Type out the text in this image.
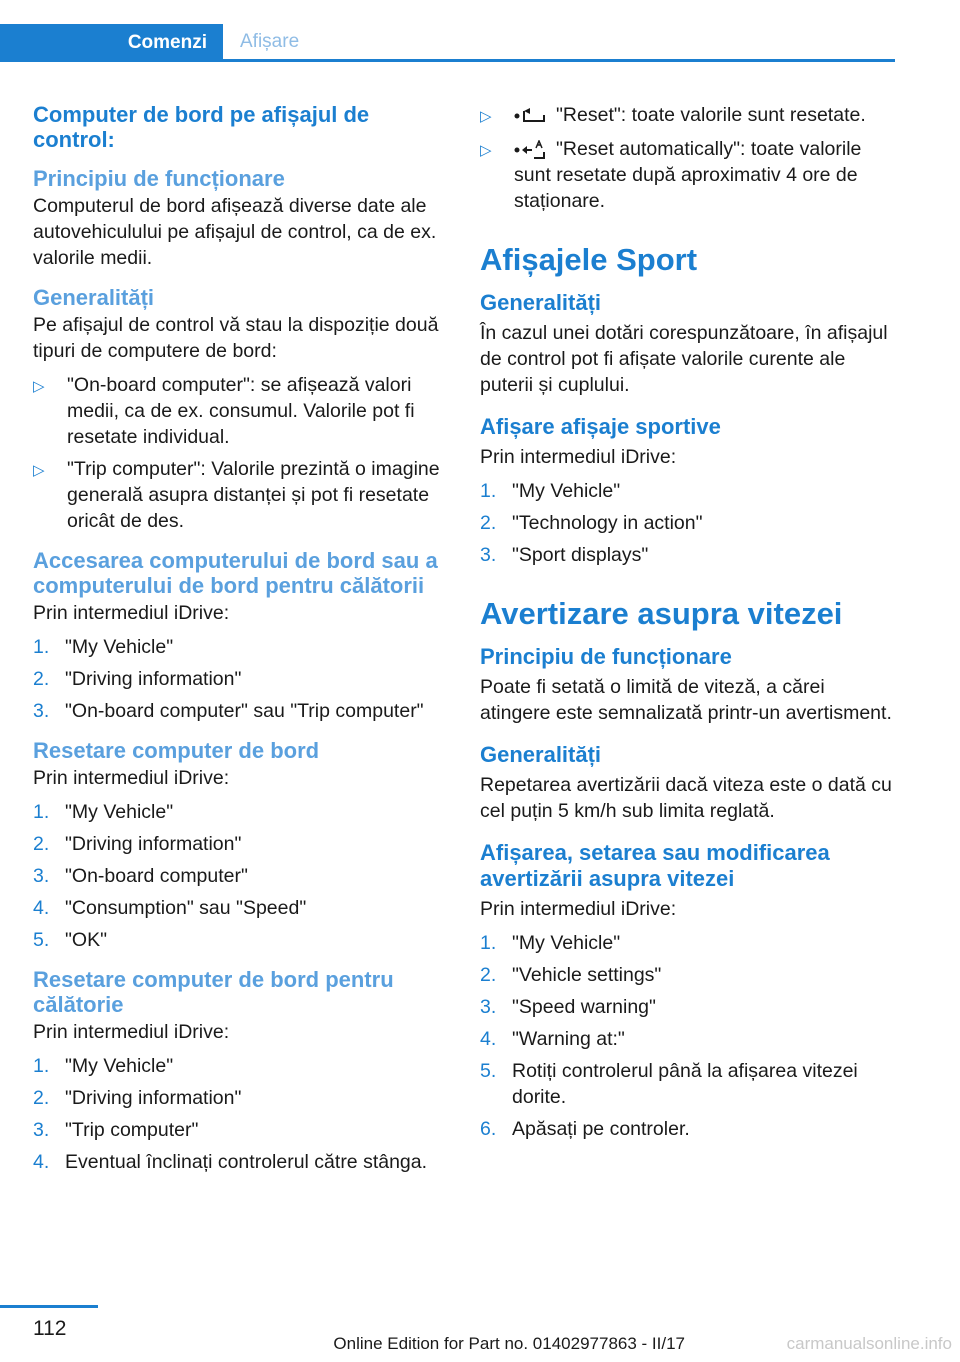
Comenzi	Afișare
Computer de bord pe afișajul de control:
Principiu de funcționare
Computerul de bord afișează diverse date ale autovehiculului pe afișajul de control, ca de ex. valorile medii.
Generalități
Pe afișajul de control vă stau la dispoziție două tipuri de computere de bord:
▷	"On-board computer": se afișează valori medii, ca de ex. consumul. Valorile pot fi resetate individual.
▷	"Trip computer": Valorile prezintă o imagine generală asupra distanței și pot fi resetate oricât de des.
Accesarea computerului de bord sau a computerului de bord pentru călătorii
Prin intermediul iDrive:
1. "My Vehicle"
2. "Driving information"
3. "On-board computer" sau "Trip computer"
Resetare computer de bord
Prin intermediul iDrive:
1. "My Vehicle"
2. "Driving information"
3. "On-board computer"
4. "Consumption" sau "Speed"
5. "OK"
Resetare computer de bord pentru călătorie
Prin intermediul iDrive:
1. "My Vehicle"
2. "Driving information"
3. "Trip computer"
4. Eventual înclinați controlerul către stânga.
▷	"Reset": toate valorile sunt resetate.
▷	"Reset automatically": toate valorile sunt resetate după aproximativ 4 ore de staționare.
Afișajele Sport
Generalități
În cazul unei dotări corespunzătoare, în afișajul de control pot fi afișate valorile curente ale puterii și cuplului.
Afișare afișaje sportive
Prin intermediul iDrive:
1. "My Vehicle"
2. "Technology in action"
3. "Sport displays"
Avertizare asupra vitezei
Principiu de funcționare
Poate fi setată o limită de viteză, a cărei atingere este semnalizată printr-un avertisment.
Generalități
Repetarea avertizării dacă viteza este o dată cu cel puțin 5 km/h sub limita reglată.
Afișarea, setarea sau modificarea avertizării asupra vitezei
Prin intermediul iDrive:
1. "My Vehicle"
2. "Vehicle settings"
3. "Speed warning"
4. "Warning at:"
5. Rotiți controlerul până la afișarea vitezei dorite.
6. Apăsați pe controler.
112
Online Edition for Part no. 01402977863 - II/17	carmanualsonline.info
